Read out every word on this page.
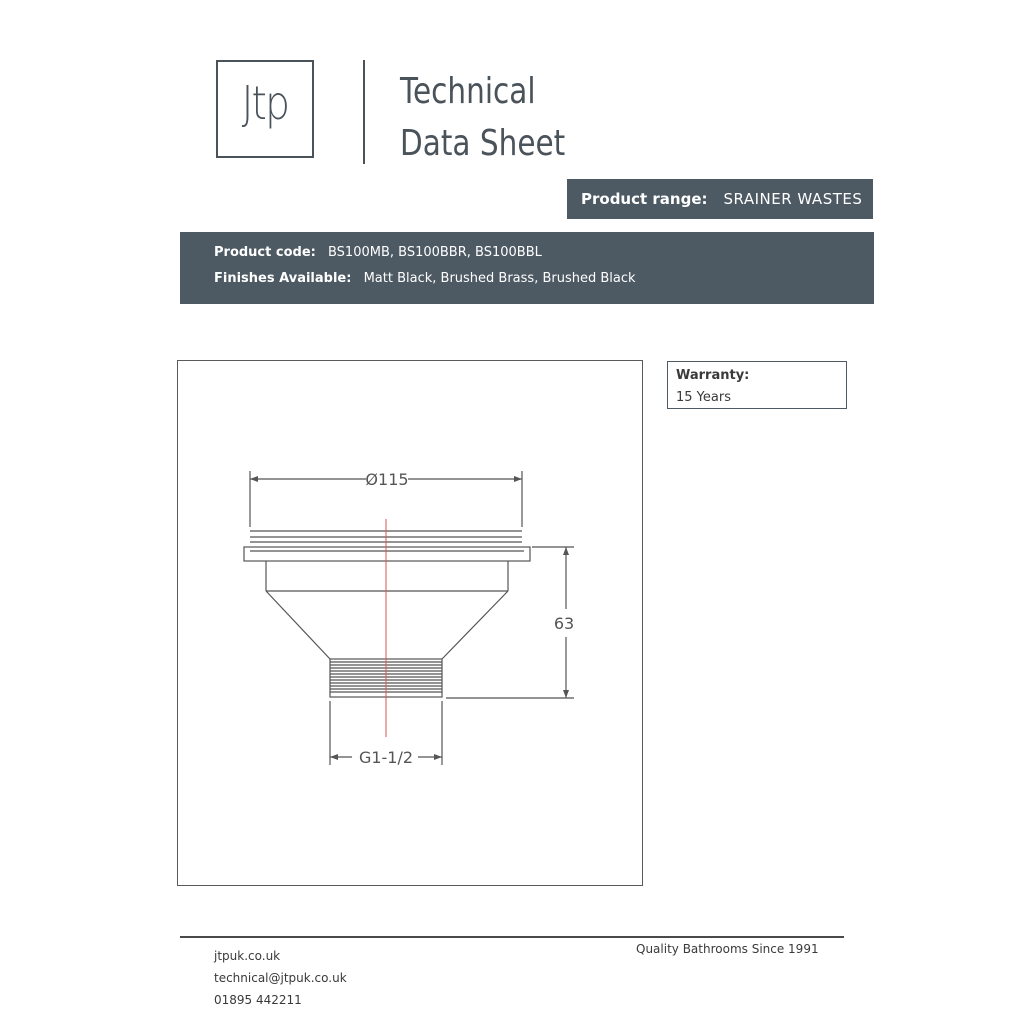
Jtp	Technical
Data Sheet
Product range: SRAINER WASTES
Product code: BS100MB, BS100BBR, BS100BBL
Finishes Available: Matt Black, Brushed Brass, Brushed Black
Ø115
63
G1-1/2
Warranty:
15 Years
jtpuk.co.uk
technical@jtpuk.co.uk
01895 442211
Quality Bathrooms Since 1991
